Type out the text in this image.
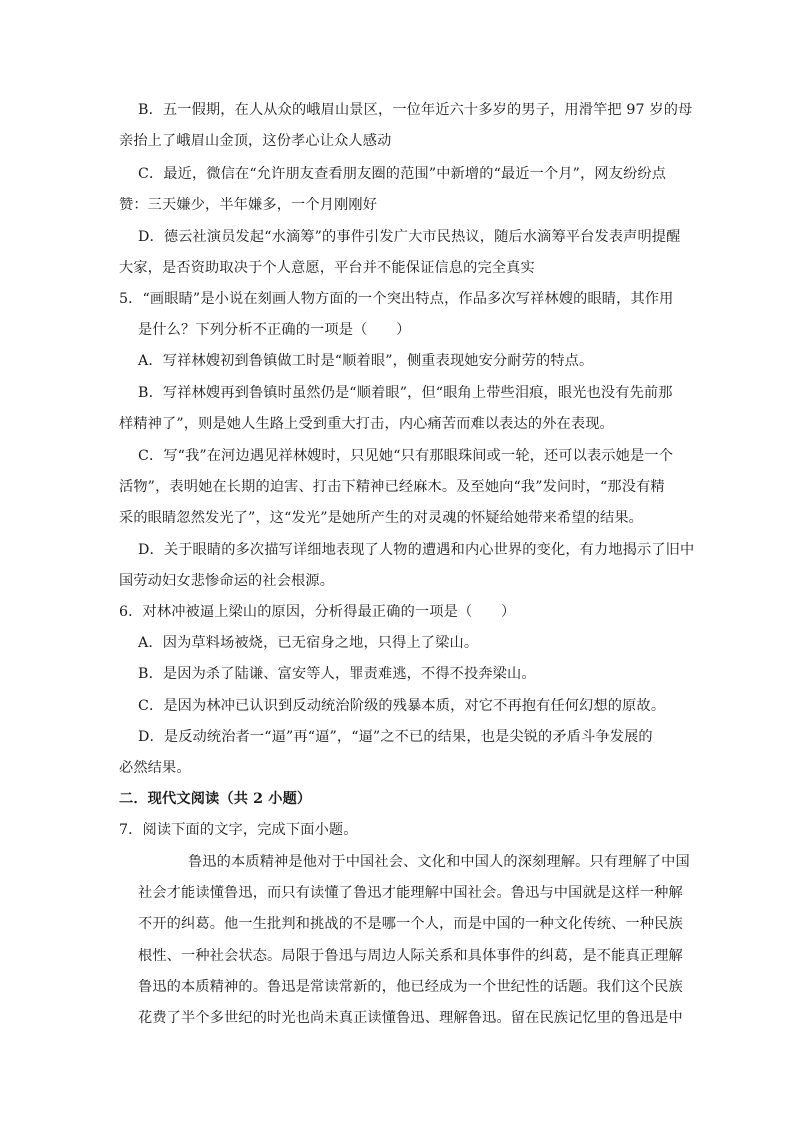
B．五一假期，在人从众的峨眉山景区，一位年近六十多岁的男子，用滑竿把 97 岁的母
亲抬上了峨眉山金顶，这份孝心让众人感动
C．最近，微信在“允许朋友查看朋友圈的范围”中新增的“最近一个月”，网友纷纷点
赞：三天嫌少，半年嫌多，一个月刚刚好
D．德云社演员发起“水滴筹”的事件引发广大市民热议，随后水滴筹平台发表声明提醒
大家，是否资助取决于个人意愿，平台并不能保证信息的完全真实
5．“画眼睛”是小说在刻画人物方面的一个突出特点，作品多次写祥林嫂的眼睛，其作用
是什么？下列分析不正确的一项是（　　）
A．写祥林嫂初到鲁镇做工时是“顺着眼”，侧重表现她安分耐劳的特点。
B．写祥林嫂再到鲁镇时虽然仍是“顺着眼”，但“眼角上带些泪痕，眼光也没有先前那
样精神了”，则是她人生路上受到重大打击，内心痛苦而难以表达的外在表现。
C．写“我”在河边遇见祥林嫂时，只见她“只有那眼珠间或一轮，还可以表示她是一个
活物”，表明她在长期的迫害、打击下精神已经麻木。及至她向“我”发问时，“那没有精
采的眼睛忽然发光了”，这“发光”是她所产生的对灵魂的怀疑给她带来希望的结果。
D．关于眼睛的多次描写详细地表现了人物的遭遇和内心世界的变化，有力地揭示了旧中
国劳动妇女悲惨命运的社会根源。
6．对林冲被逼上梁山的原因，分析得最正确的一项是（　　）
A．因为草料场被烧，已无宿身之地，只得上了梁山。
B．是因为杀了陆谦、富安等人，罪责难逃，不得不投奔梁山。
C．是因为林冲已认识到反动统治阶级的残暴本质，对它不再抱有任何幻想的原故。
D．是反动统治者一“逼”再“逼”，“逼”之不已的结果，也是尖锐的矛盾斗争发展的
必然结果。
二．现代文阅读（共 2 小题）
7．阅读下面的文字，完成下面小题。
鲁迅的本质精神是他对于中国社会、文化和中国人的深刻理解。只有理解了中国
社会才能读懂鲁迅，而只有读懂了鲁迅才能理解中国社会。鲁迅与中国就是这样一种解
不开的纠葛。他一生批判和挑战的不是哪一个人，而是中国的一种文化传统、一种民族
根性、一种社会状态。局限于鲁迅与周边人际关系和具体事件的纠葛，是不能真正理解
鲁迅的本质精神的。鲁迅是常读常新的，他已经成为一个世纪性的话题。我们这个民族
花费了半个多世纪的时光也尚未真正读懂鲁迅、理解鲁迅。留在民族记忆里的鲁迅是中
